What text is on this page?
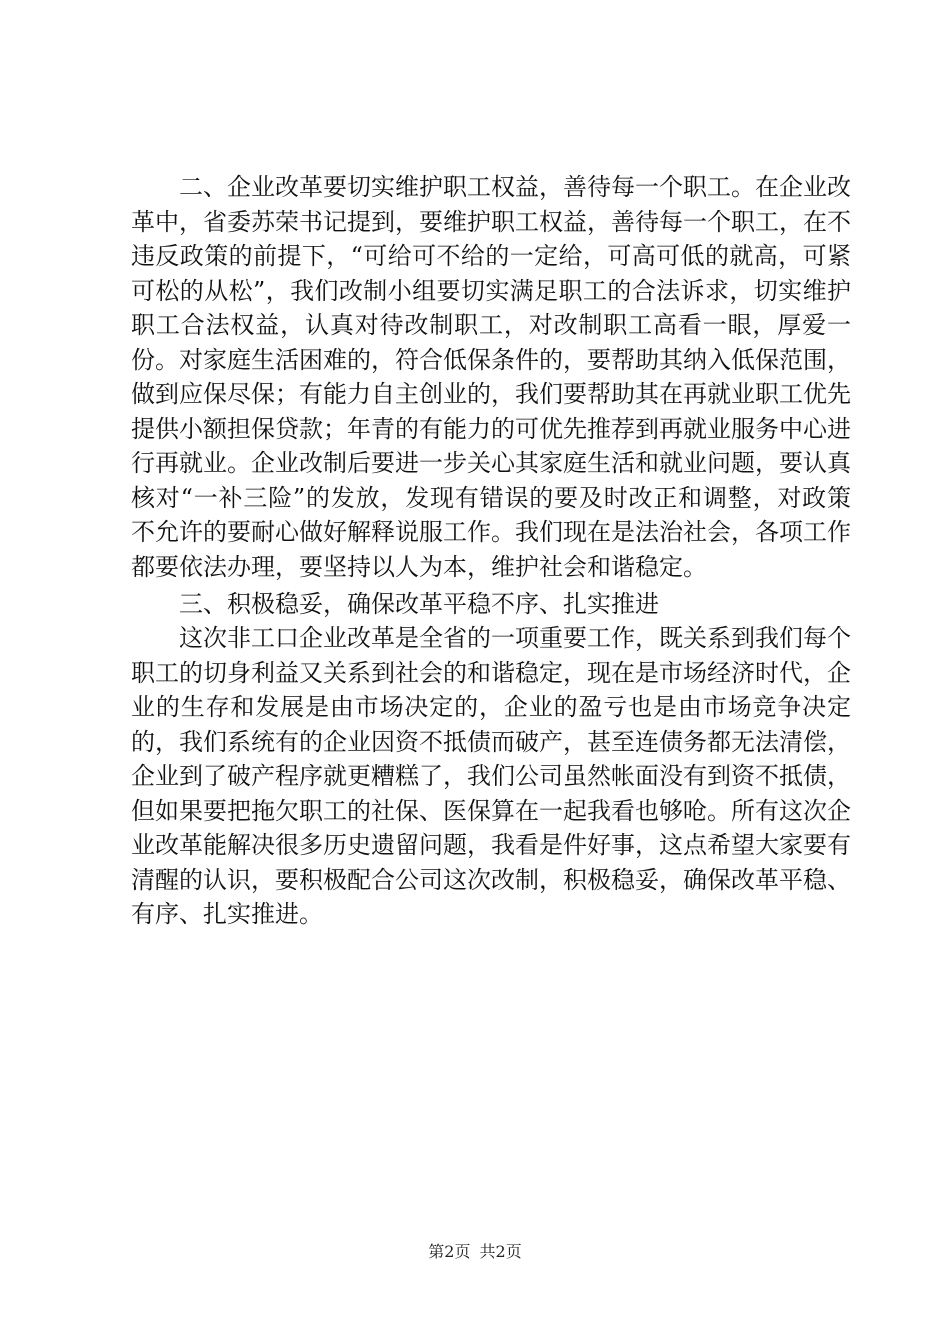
二、企业改革要切实维护职工权益，善待每一个职工。在企业改革中，省委苏荣书记提到，要维护职工权益，善待每一个职工，在不违反政策的前提下，“可给可不给的一定给，可高可低的就高，可紧可松的从松”，我们改制小组要切实满足职工的合法诉求，切实维护职工合法权益，认真对待改制职工，对改制职工高看一眼，厚爱一份。对家庭生活困难的，符合低保条件的，要帮助其纳入低保范围，做到应保尽保；有能力自主创业的，我们要帮助其在再就业职工优先提供小额担保贷款；年青的有能力的可优先推荐到再就业服务中心进行再就业。企业改制后要进一步关心其家庭生活和就业问题，要认真核对“一补三险”的发放，发现有错误的要及时改正和调整，对政策不允许的要耐心做好解释说服工作。我们现在是法治社会，各项工作都要依法办理，要坚持以人为本，维护社会和谐稳定。

三、积极稳妥，确保改革平稳不序、扎实推进

这次非工口企业改革是全省的一项重要工作，既关系到我们每个职工的切身利益又关系到社会的和谐稳定，现在是市场经济时代，企业的生存和发展是由市场决定的，企业的盈亏也是由市场竞争决定的，我们系统有的企业因资不抵债而破产，甚至连债务都无法清偿，企业到了破产程序就更糟糕了，我们公司虽然帐面没有到资不抵债，但如果要把拖欠职工的社保、医保算在一起我看也够呛。所有这次企业改革能解决很多历史遗留问题，我看是件好事，这点希望大家要有清醒的认识，要积极配合公司这次改制，积极稳妥，确保改革平稳、有序、扎实推进。

第2页 共2页
